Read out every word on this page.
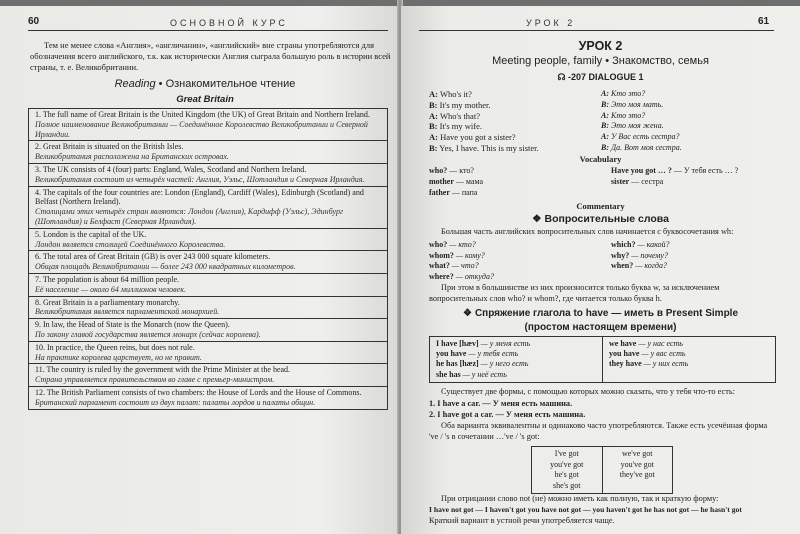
60	ОСНОВНОЙ КУРС
Тем не менее слова «Англия», «англичанин», «английский» вне страны употребляются для обозначения всего английского, т.к. как исторически Англия сыграла большую роль в истории всей страны, т. е. Великобритании.
Reading • Ознакомительное чтение
Great Britain
1. The full name of Great Britain is the United Kingdom (the UK) of Great Britain and Northern Ireland.
Полное наименование Великобритании — Соединённое Королевство Великобритании и Северной Ирландии.
2. Great Britain is situated on the British Isles.
Великобритания расположена на Британских островах.
3. The UK consists of 4 (four) parts: England, Wales, Scotland and Northern Ireland.
Великобритания состоит из четырёх частей: Англия, Уэльс, Шотландия и Северная Ирландия.
4. The capitals of the four countries are: London (England), Cardiff (Wales), Edinburgh (Scotland) and Belfast (Northern Ireland).
Столицами этих четырёх стран являются: Лондон (Англия), Кардифф (Уэльс), Эдинбург (Шотландия) и Белфаст (Северная Ирландия).
5. London is the capital of the UK.
Лондон является столицей Соединённого Королевства.
6. The total area of Great Britain (GB) is over 243 000 square kilometers.
Общая площадь Великобритании — более 243 000 квадратных километров.
7. The population is about 64 million people.
Её население — около 64 миллионов человек.
8. Great Britain is a parliamentary monarchy.
Великобритания является парламентской монархией.
9. In law, the Head of State is the Monarch (now the Queen).
По закону главой государства является монарх (сейчас королева).
10. In practice, the Queen reins, but does not rule.
На практике королева царствует, но не правит.
11. The country is ruled by the government with the Prime Minister at the head.
Страна управляется правительством во главе с премьер-министром.
12. The British Parliament consists of two chambers: the House of Lords and the House of Commons.
Британский парламент состоит из двух палат: палаты лордов и палаты общин.
УРОК 2	61
УРОК 2
Meeting people, family • Знакомство, семья
☊ -207 DIALOGUE 1
A: Who's it?
B: It's my mother.
A: Who's that?
B: It's my wife.
A: Have you got a sister?
B: Yes, I have. This is my sister.
А: Кто это?
В: Это моя мать.
А: Кто это?
В: Это моя жена.
А: У Вас есть сестра?
В: Да. Вот моя сестра.
Vocabulary
who? — кто?
mother — мама
father — папа
Have you got … ? — У тебя есть … ?
sister — сестра
Commentary
❖ Вопросительные слова
Большая часть английских вопросительных слов начинается с буквосочетания wh:
who? — кто?
whom? — кому?
what? — что?
where? — откуда?
which? — какой?
why? — почему?
when? — когда?
При этом в большинстве из них произносится только буква w, за исключением вопросительных слов who? и whom?, где читается только буква h.
❖ Спряжение глагола to have — иметь в Present Simple
(простом настоящем времени)
I have [hæv] — у меня есть
you have — у тебя есть
he has [hæz] — у него есть
she has — у неё есть
we have — у нас есть
you have — у вас есть
they have — у них есть
Существует две формы, с помощью которых можно сказать, что у тебя что-то есть:
1. I have a car. — У меня есть машина.
2. I have got a car. — У меня есть машина.
Оба варианта эквивалентны и одинаково часто употребляются. Также есть усечённая форма 've / 's в сочетании …'ve / 's got:
I've got
you've got
he's got
she's got
we've got
you've got
they've got
При отрицании слово not (не) можно иметь как полную, так и краткую форму:
I have not got — I haven't got you have not got — you haven't got he has not got — he hasn't got
Краткий вариант в устной речи употребляется чаще.
